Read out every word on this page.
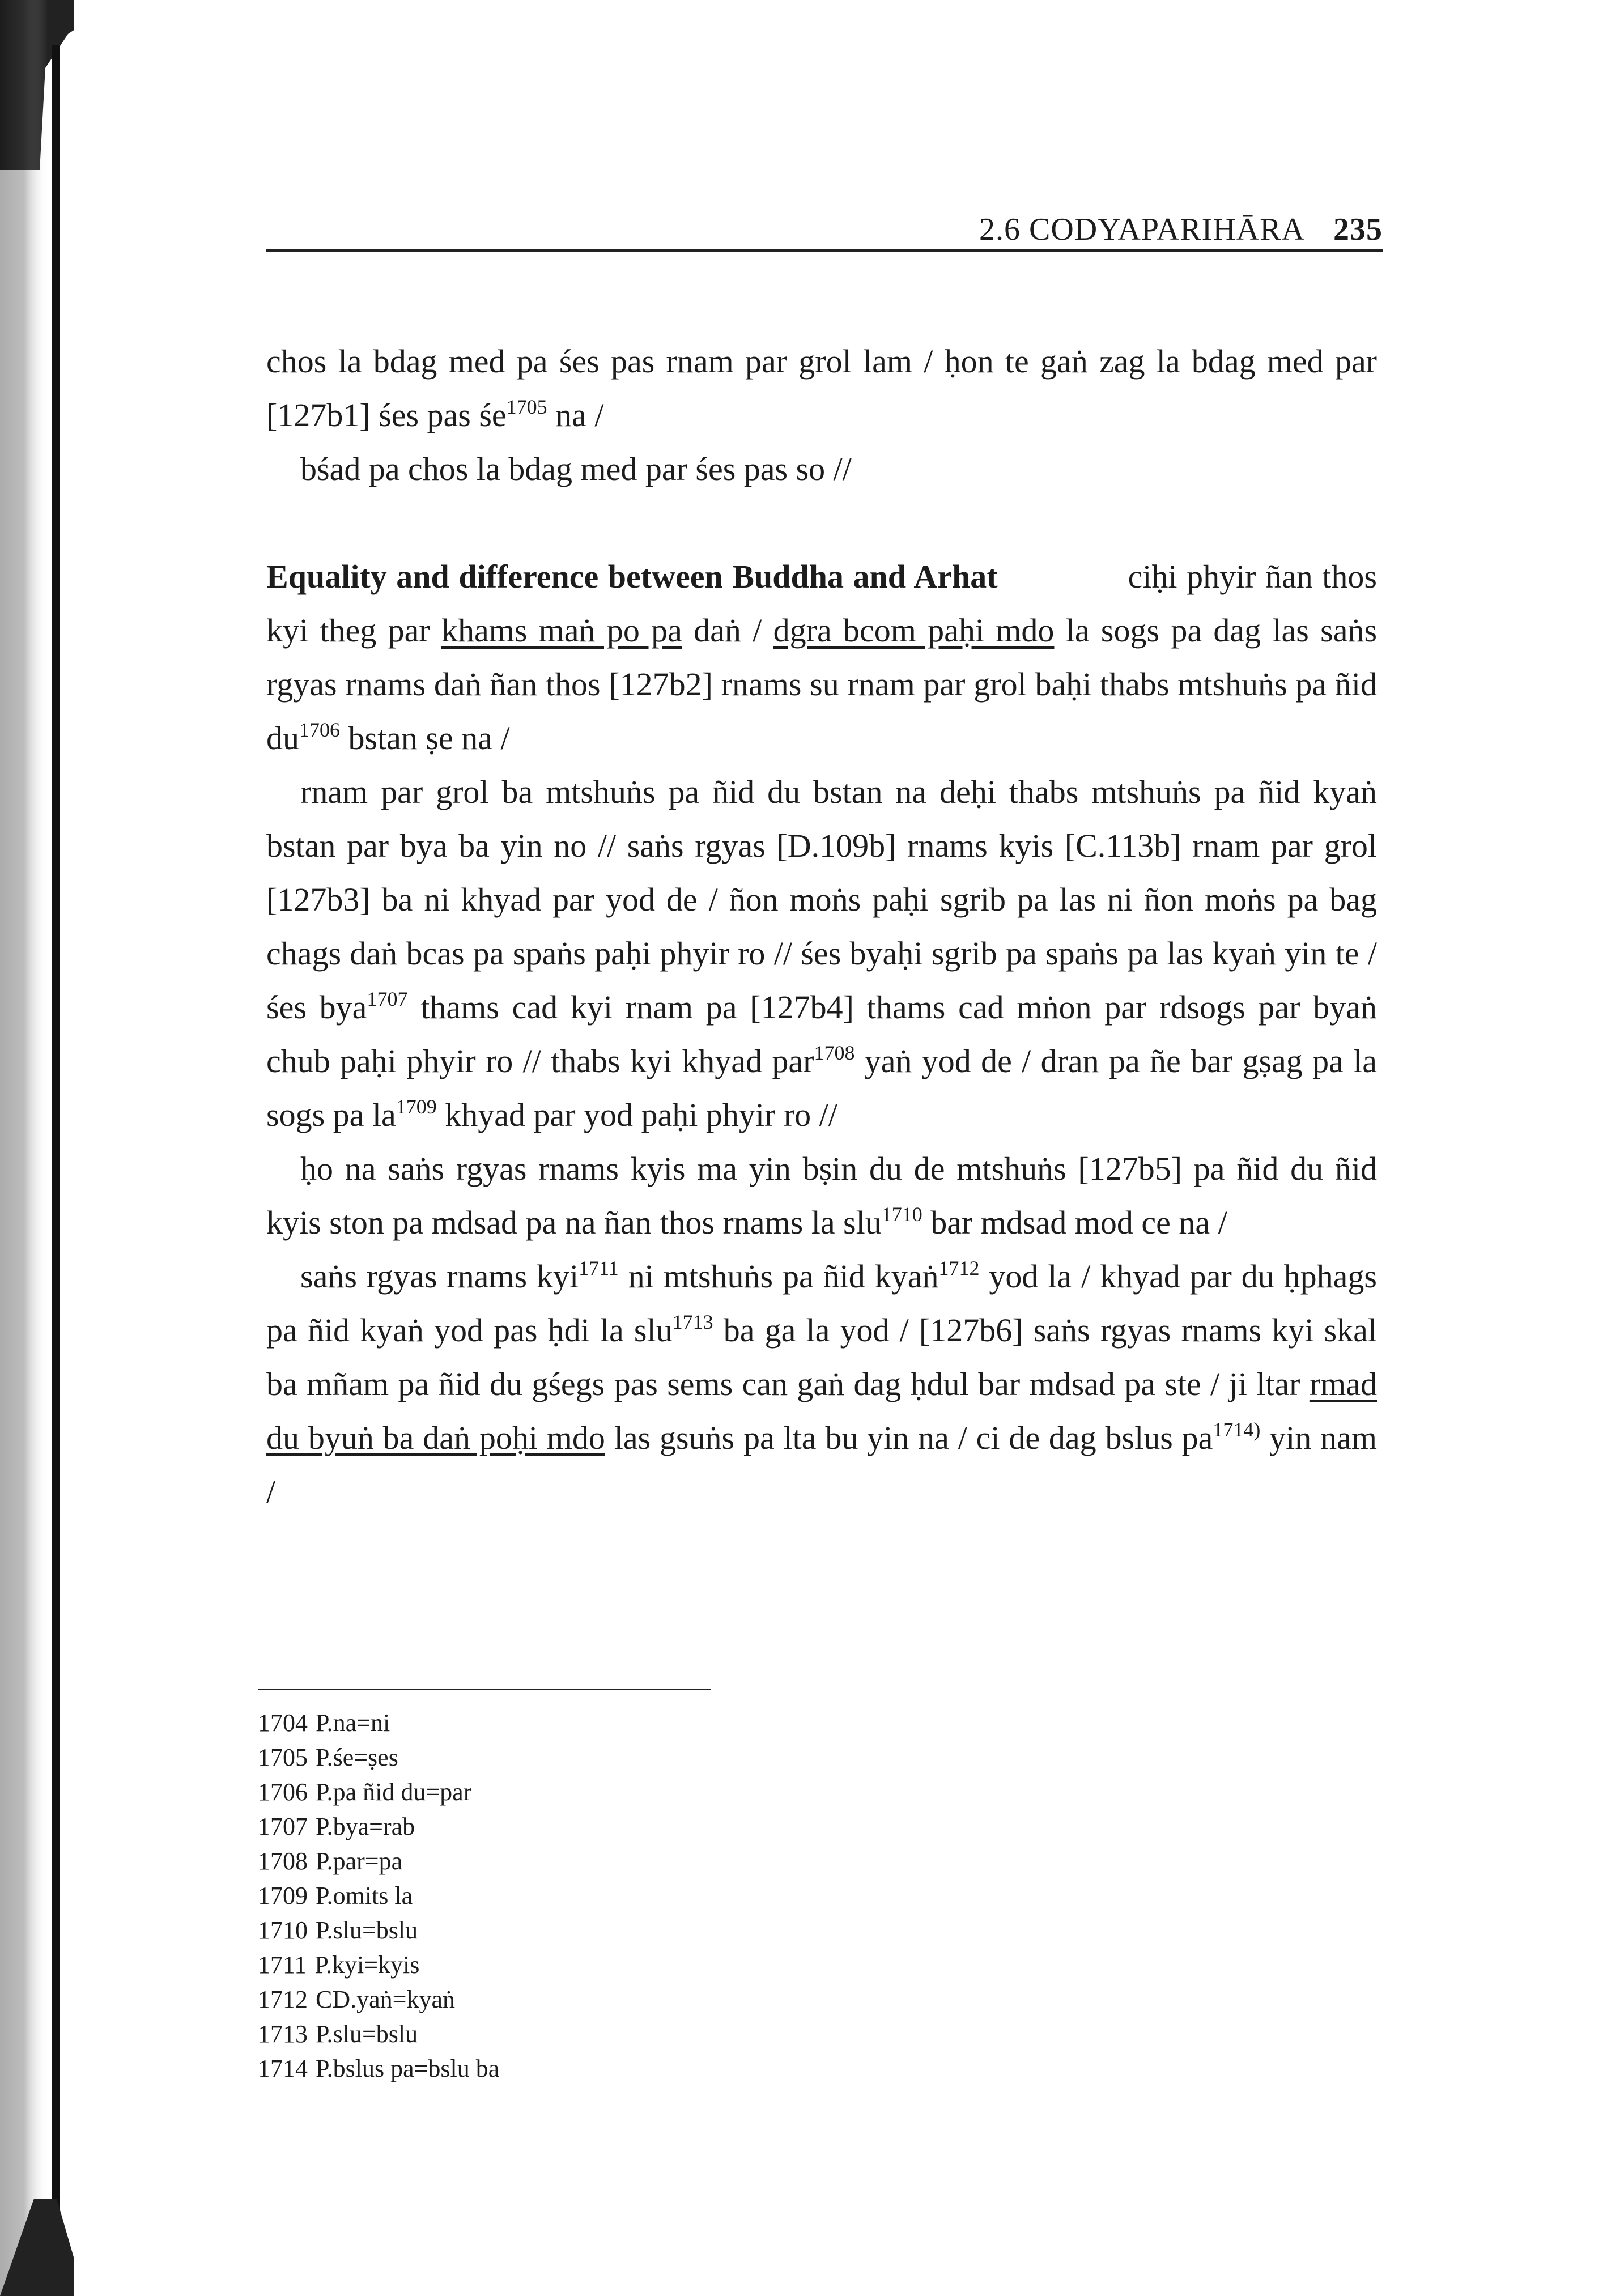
2.6 CODYAPARIHĀRA 235

chos la bdag med pa śes pas rnam par grol lam / ḥon te gaṅ zag la bdag med par [127b1] śes pas $śe^{1705}$ na /

bśad pa chos la bdag med par śes pas so //

Equality and difference between Buddha and Arhat	ciḥi phyir ñan thos kyi theg par khams maṅ po pa daṅ / dgra bcom paḥi mdo la sogs pa dag las saṅs rgyas rnams daṅ ñan thos [127b2] rnams su rnam par grol baḥi thabs mtshuṅs pa ñid $du^{1706}$ bstan ṣe na /

rnam par grol ba mtshuṅs pa ñid du bstan na deḥi thabs mtshuṅs pa ñid kyaṅ bstan par bya ba yin no // saṅs rgyas [D.109b] rnams kyis [C.113b] rnam par grol [127b3] ba ni khyad par yod de / ñon moṅs paḥi sgrib pa las ni ñon moṅs pa bag chags daṅ bcas pa spaṅs paḥi phyir ro // śes byaḥi sgrib pa spaṅs pa las kyaṅ yin te / śes bya$^{1707}$ thams cad kyi rnam pa [127b4] thams cad mṅon par rdsogs par byaṅ chub paḥi phyir ro // thabs kyi khyad par$^{1708}$ yaṅ yod de / dran pa ñe bar gṣag pa la sogs pa $la^{1709}$ khyad par yod paḥi phyir ro //

ḥo na saṅs rgyas rnams kyis ma yin bṣin du de mtshuṅs [127b5] pa ñid du ñid kyis ston pa mdsad pa na ñan thos rnams la slu$^{1710}$ bar mdsad mod ce na /

saṅs rgyas rnams kyi$^{1711}$ ni mtshuṅs pa ñid kyaṅ$^{1712}$ yod la / khyad par du ḥphags pa ñid kyaṅ yod pas ḥdi la slu$^{1713}$ ba ga la yod / [127b6] saṅs rgyas rnams kyi skal ba mñam pa ñid du gśegs pas sems can gaṅ dag ḥdul bar mdsad pa ste / ji ltar rmad du byuṅ ba daṅ poḥi mdo las gsuṅs pa lta bu yin na / ci de dag bslus $pa^{1714)}$ yin nam /

1704 P.na=ni
1705 P.śe=ṣes
1706 P.pa ñid du=par
1707 P.bya=rab
1708 P.par=pa
1709 P.omits la
1710 P.slu=bslu
1711 P.kyi=kyis
1712 CD.yaṅ=kyaṅ
1713 P.slu=bslu
1714 P.bslus pa=bslu ba
